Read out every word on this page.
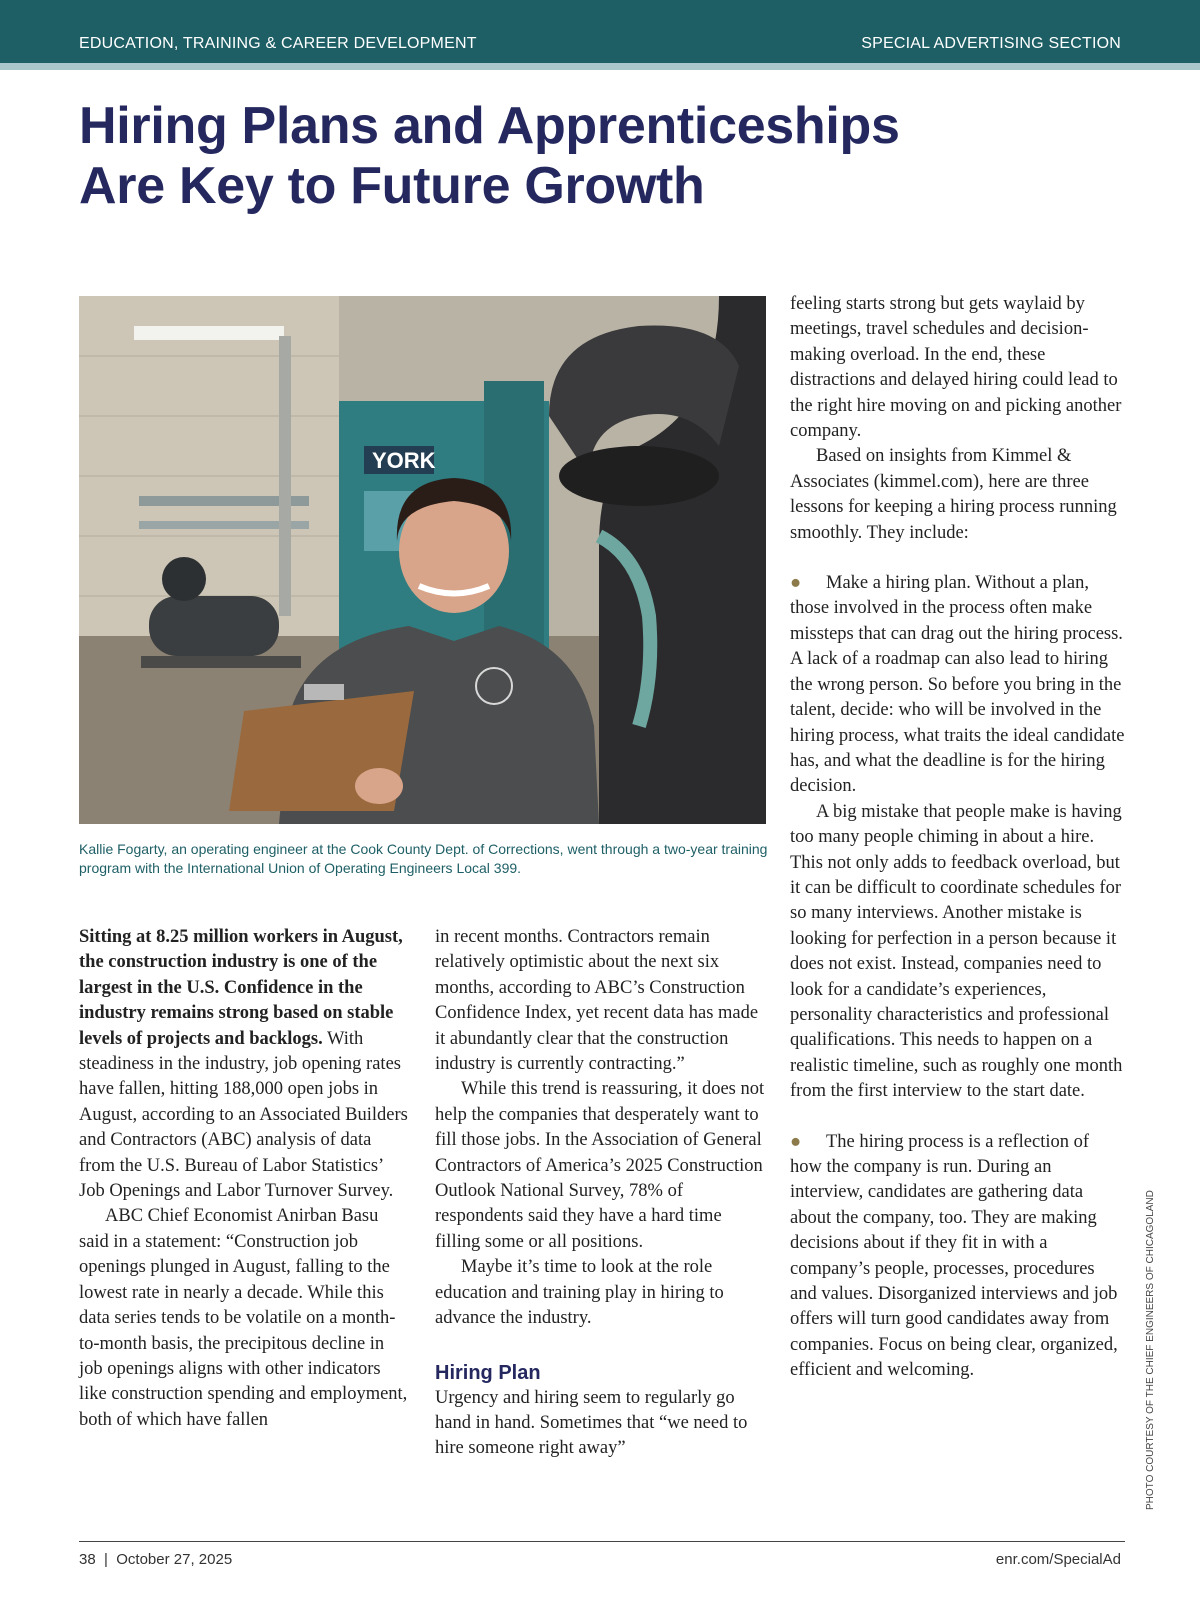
EDUCATION, TRAINING & CAREER DEVELOPMENT	SPECIAL ADVERTISING SECTION
Hiring Plans and Apprenticeships
Are Key to Future Growth
YORK

Kallie Fogarty, an operating engineer at the Cook County Dept. of Corrections, went through a two-year training program with the International Union of Operating Engineers Local 399.

Sitting at 8.25 million workers in August, the construction industry is one of the largest in the U.S. Confidence in the industry remains strong based on stable levels of projects and backlogs. With steadiness in the industry, job opening rates have fallen, hitting 188,000 open jobs in August, according to an Associated Builders and Contractors (ABC) analysis of data from the U.S. Bureau of Labor Statistics’ Job Openings and Labor Turnover Survey.

ABC Chief Economist Anirban Basu said in a statement: “Construction job openings plunged in August, falling to the lowest rate in nearly a decade. While this data series tends to be volatile on a month-to-month basis, the precipitous decline in job openings aligns with other indicators like construction spending and employment, both of which have fallen

in recent months. Contractors remain relatively optimistic about the next six months, according to ABC’s Construction Confidence Index, yet recent data has made it abundantly clear that the construction industry is currently contracting.”

While this trend is reassuring, it does not help the companies that desperately want to fill those jobs. In the Association of General Contractors of America’s 2025 Construction Outlook National Survey, 78% of respondents said they have a hard time filling some or all positions.

Maybe it’s time to look at the role education and training play in hiring to advance the industry.

Hiring Plan

Urgency and hiring seem to regularly go hand in hand. Sometimes that “we need to hire someone right away”

feeling starts strong but gets waylaid by meetings, travel schedules and decision-making overload. In the end, these distractions and delayed hiring could lead to the right hire moving on and picking another company.

Based on insights from Kimmel & Associates (kimmel.com), here are three lessons for keeping a hiring process running smoothly. They include:

● Make a hiring plan. Without a plan, those involved in the process often make missteps that can drag out the hiring process. A lack of a roadmap can also lead to hiring the wrong person. So before you bring in the talent, decide: who will be involved in the hiring process, what traits the ideal candidate has, and what the deadline is for the hiring decision.

A big mistake that people make is having too many people chiming in about a hire. This not only adds to feedback overload, but it can be difficult to coordinate schedules for so many interviews. Another mistake is looking for perfection in a person because it does not exist. Instead, companies need to look for a candidate’s experiences, personality characteristics and professional qualifications. This needs to happen on a realistic timeline, such as roughly one month from the first interview to the start date.

● The hiring process is a reflection of how the company is run. During an interview, candidates are gathering data about the company, too. They are making decisions about if they fit in with a company’s people, processes, procedures and values. Disorganized interviews and job offers will turn good candidates away from companies. Focus on being clear, organized, efficient and welcoming.	PHOTO COURTESY OF THE CHIEF ENGINEERS OF CHICAGOLAND
38  |  October 27, 2025	enr.com/SpecialAd
